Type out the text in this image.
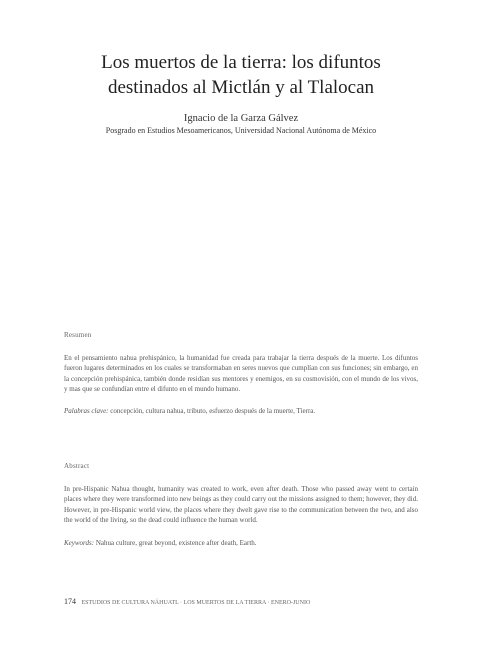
Los muertos de la tierra: los difuntos
destinados al Mictlán y al Tlalocan
Ignacio de la Garza Gálvez
Posgrado en Estudios Mesoamericanos, Universidad Nacional Autónoma de México
Resumen
En el pensamiento nahua prehispánico, la humanidad fue creada para trabajar la tierra después de la muerte. Los difuntos fueron lugares determinados en los cuales se transformaban en seres nuevos que cumplían con sus funciones; sin embargo, en la concepción prehispánica, también donde residían sus mentores y enemigos, en su cosmovisión, con el mundo de los vivos, y mas que se confundían entre el difunto en el mundo humano.
Palabras clave: concepción, cultura nahua, tributo, esfuerzo después de la muerte, Tierra.
Abstract
In pre-Hispanic Nahua thought, humanity was created to work, even after death. Those who passed away went to certain places where they were transformed into new beings as they could carry out the missions assigned to them; however, they did. However, in pre-Hispanic world view, the places where they dwelt gave rise to the communication between the two, and also the world of the living, so the dead could influence the human world.
Keywords: Nahua culture, great beyond, existence after death, Earth.
174 ESTUDIOS DE CULTURA NÁHUATL · LOS MUERTOS DE LA TIERRA · ENERO-JUNIO
